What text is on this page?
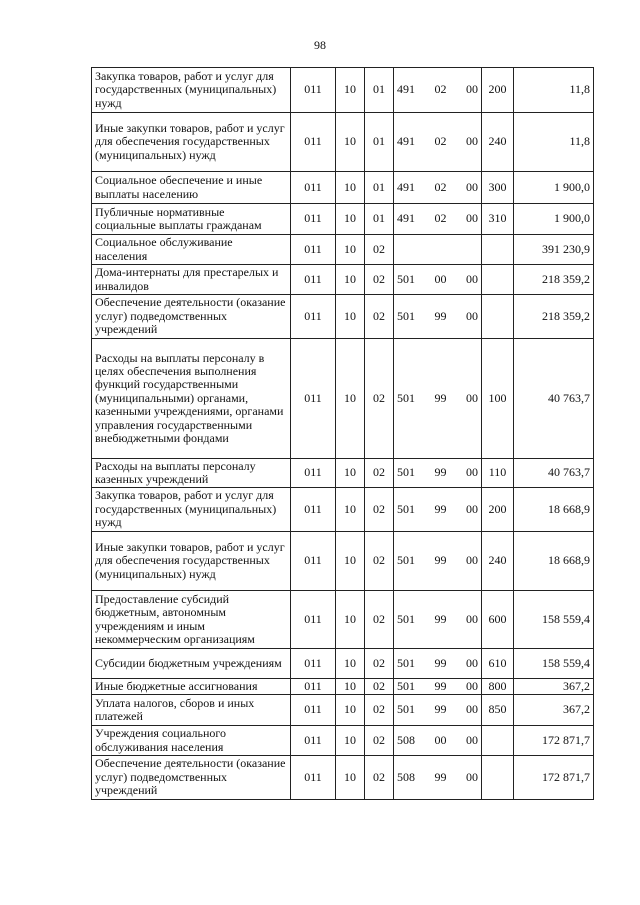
98
Закупка товаров, работ и услуг для государственных (муниципальных) нужд	011	10	01	491 02 00	200	11,8
Иные закупки товаров, работ и услуг для обеспечения государственных (муниципальных) нужд	011	10	01	491 02 00	240	11,8
Социальное обеспечение и иные выплаты населению	011	10	01	491 02 00	300	1 900,0
Публичные нормативные социальные выплаты гражданам	011	10	01	491 02 00	310	1 900,0
Социальное обслуживание населения	011	10	02			391 230,9
Дома-интернаты для престарелых и инвалидов	011	10	02	501 00 00		218 359,2
Обеспечение деятельности (оказание услуг) подведомственных учреждений	011	10	02	501 99 00		218 359,2
Расходы на выплаты персоналу в целях обеспечения выполнения функций государственными (муниципальными) органами, казенными учреждениями, органами управления государственными внебюджетными фондами	011	10	02	501 99 00	100	40 763,7
Расходы на выплаты персоналу казенных учреждений	011	10	02	501 99 00	110	40 763,7
Закупка товаров, работ и услуг для государственных (муниципальных) нужд	011	10	02	501 99 00	200	18 668,9
Иные закупки товаров, работ и услуг для обеспечения государственных (муниципальных) нужд	011	10	02	501 99 00	240	18 668,9
Предоставление субсидий бюджетным, автономным учреждениям и иным некоммерческим организациям	011	10	02	501 99 00	600	158 559,4
Субсидии бюджетным учреждениям	011	10	02	501 99 00	610	158 559,4
Иные бюджетные ассигнования	011	10	02	501 99 00	800	367,2
Уплата налогов, сборов и иных платежей	011	10	02	501 99 00	850	367,2
Учреждения социального обслуживания населения	011	10	02	508 00 00		172 871,7
Обеспечение деятельности (оказание услуг) подведомственных учреждений	011	10	02	508 99 00		172 871,7
